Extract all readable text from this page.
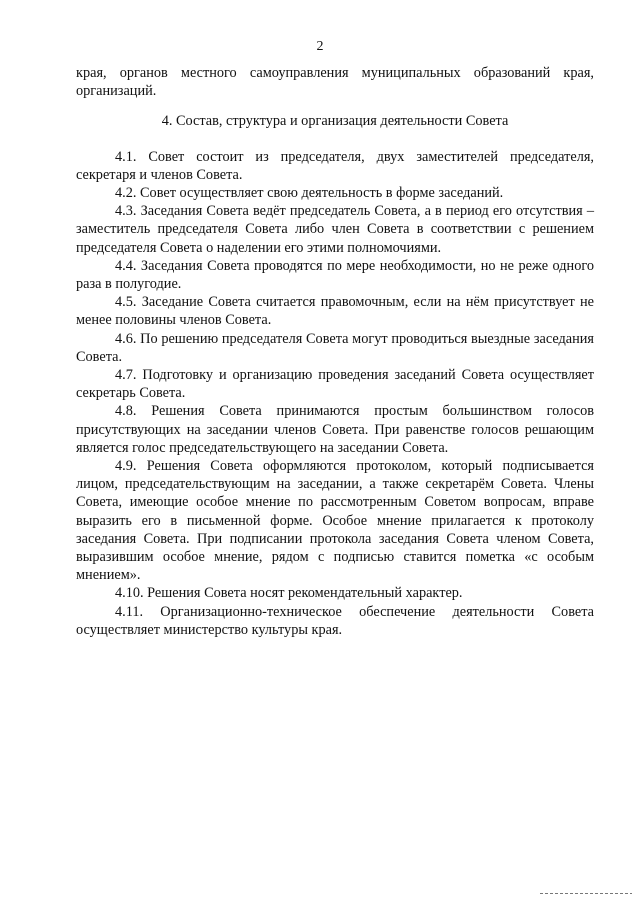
2

края, органов местного самоуправления муниципальных образований края, организаций.

4. Состав, структура и организация деятельности Совета

4.1. Совет состоит из председателя, двух заместителей председателя, секретаря и членов Совета.

4.2. Совет осуществляет свою деятельность в форме заседаний.

4.3. Заседания Совета ведёт председатель Совета, а в период его отсутствия – заместитель председателя Совета либо член Совета в соответствии с решением председателя Совета о наделении его этими полномочиями.

4.4. Заседания Совета проводятся по мере необходимости, но не реже одного раза в полугодие.

4.5. Заседание Совета считается правомочным, если на нём присутствует не менее половины членов Совета.

4.6. По решению председателя Совета могут проводиться выездные заседания Совета.

4.7. Подготовку и организацию проведения заседаний Совета осуществляет секретарь Совета.

4.8. Решения Совета принимаются простым большинством голосов присутствующих на заседании членов Совета. При равенстве голосов решающим является голос председательствующего на заседании Совета.

4.9. Решения Совета оформляются протоколом, который подписывается лицом, председательствующим на заседании, а также секретарём Совета. Члены Совета, имеющие особое мнение по рассмотренным Советом вопросам, вправе выразить его в письменной форме. Особое мнение прилагается к протоколу заседания Совета. При подписании протокола заседания Совета членом Совета, выразившим особое мнение, рядом с подписью ставится пометка «с особым мнением».

4.10. Решения Совета носят рекомендательный характер.

4.11. Организационно-техническое обеспечение деятельности Совета осуществляет министерство культуры края.
